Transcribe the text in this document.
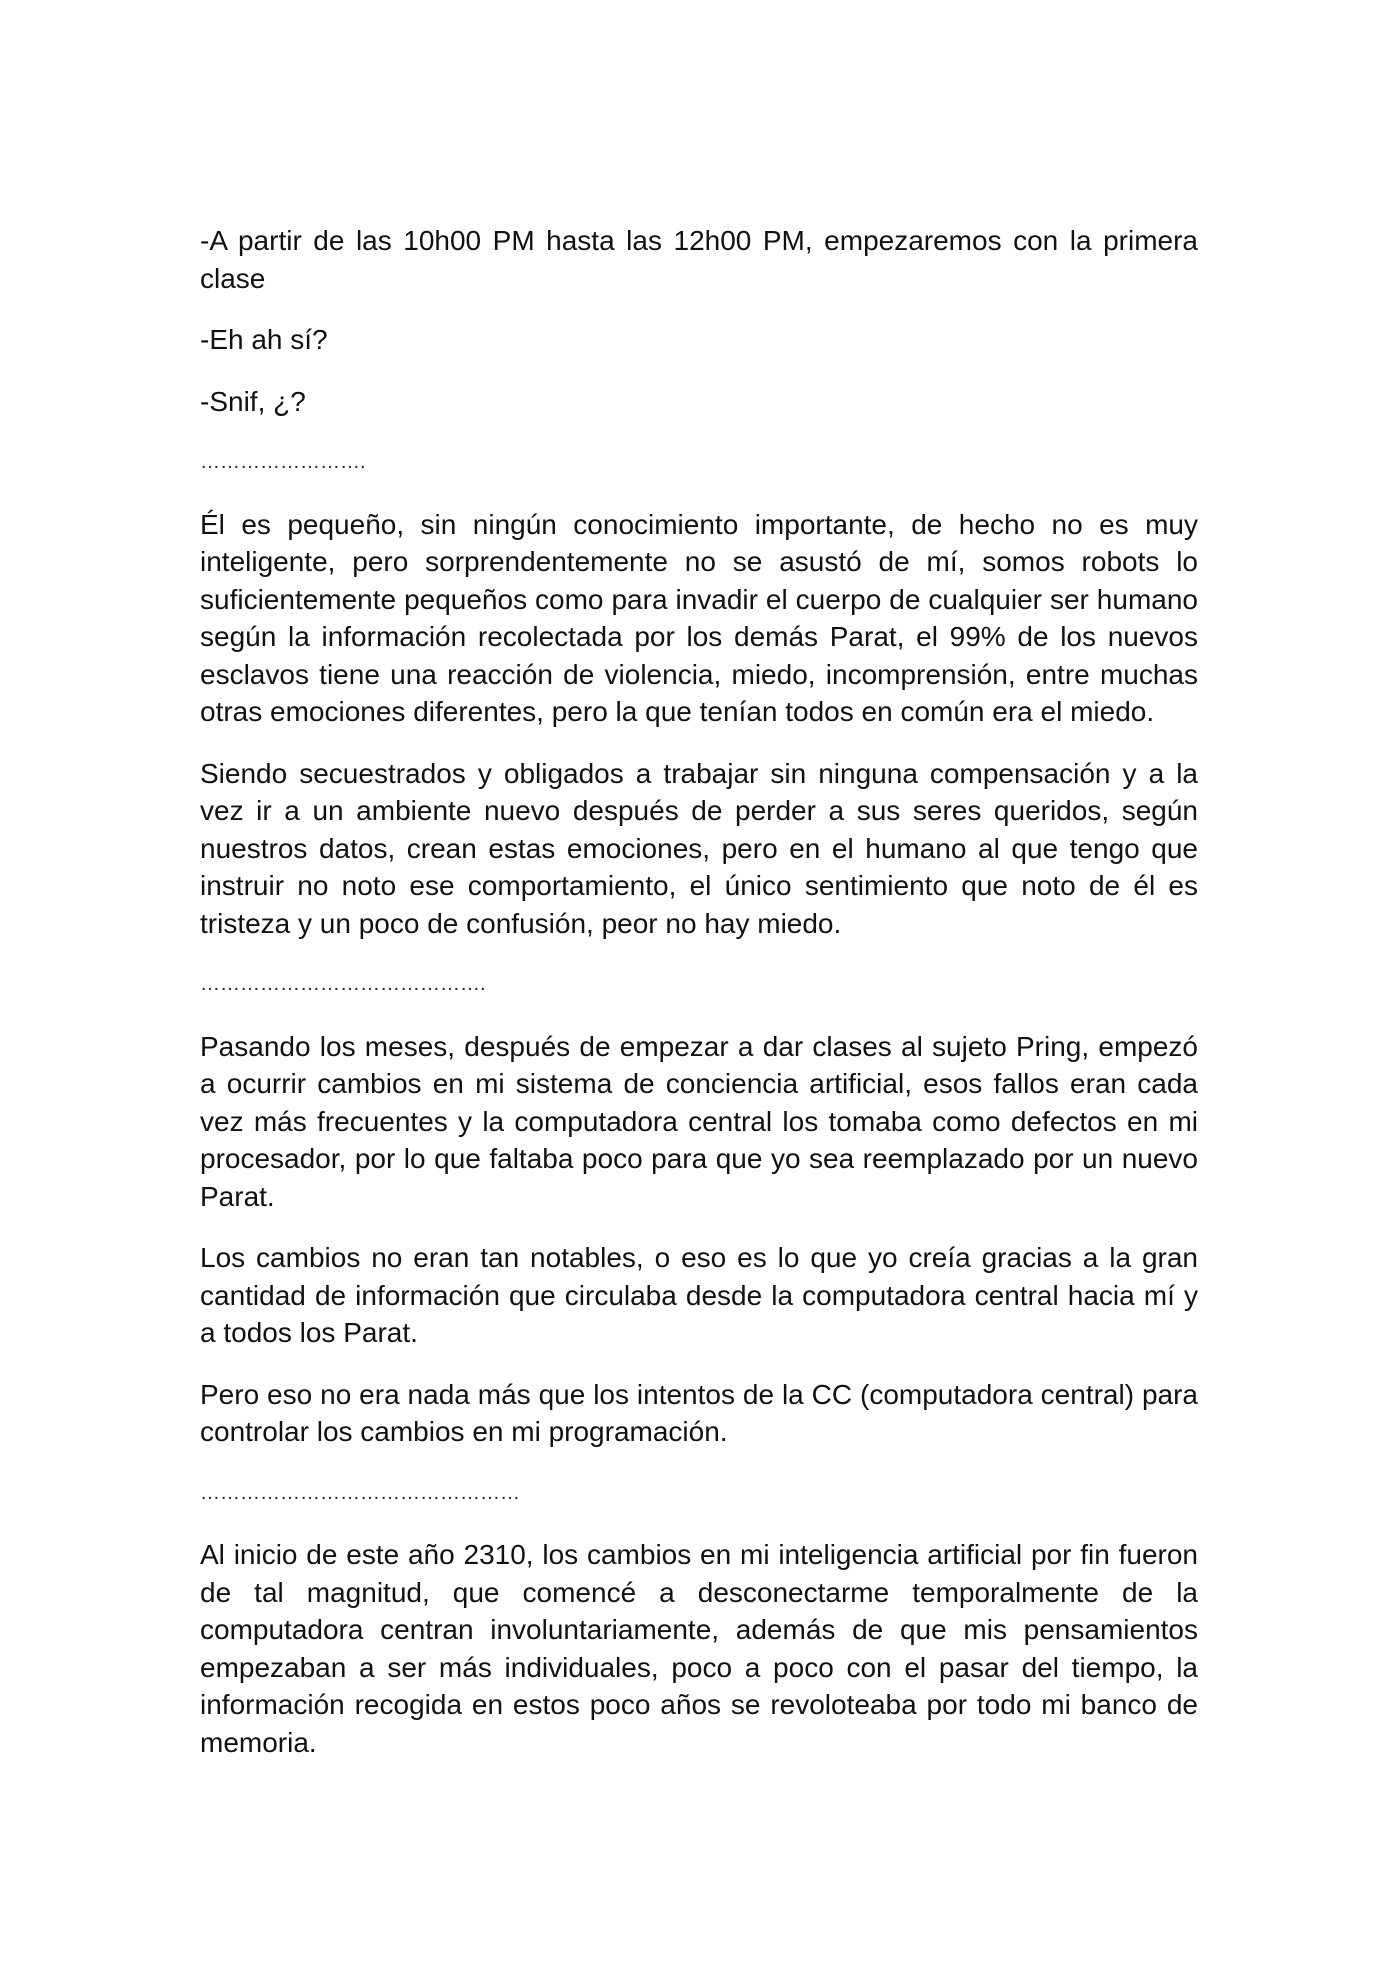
-A partir de las 10h00 PM hasta las 12h00 PM, empezaremos con la primera clase

-Eh ah sí?

-Snif, ¿?

…………………….

Él es pequeño, sin ningún conocimiento importante, de hecho no es muy inteligente, pero sorprendentemente no se asustó de mí, somos robots lo suficientemente pequeños como para invadir el cuerpo de cualquier ser humano según la información recolectada por los demás Parat, el 99% de los nuevos esclavos tiene una reacción de violencia, miedo, incomprensión, entre muchas otras emociones diferentes, pero la que tenían todos en común era el miedo.

Siendo secuestrados y obligados a trabajar sin ninguna compensación y a la vez ir a un ambiente nuevo después de perder a sus seres queridos, según nuestros datos, crean estas emociones, pero en el humano al que tengo que instruir no noto ese comportamiento, el único sentimiento que noto de él es tristeza y un poco de confusión, peor no hay miedo.

…………………………………….

Pasando los meses, después de empezar a dar clases al sujeto Pring, empezó a ocurrir cambios en mi sistema de conciencia artificial, esos fallos eran cada vez más frecuentes y la computadora central los tomaba como defectos en mi procesador, por lo que faltaba poco para que yo sea reemplazado por un nuevo Parat.

Los cambios no eran tan notables, o eso es lo que yo creía gracias a la gran cantidad de información que circulaba desde la computadora central hacia mí y a todos los Parat.

Pero eso no era nada más que los intentos de la CC (computadora central) para controlar los cambios en mi programación.

…………………………………………

Al inicio de este año 2310, los cambios en mi inteligencia artificial por fin fueron de tal magnitud, que comencé a desconectarme temporalmente de la computadora centran involuntariamente, además de que mis pensamientos empezaban a ser más individuales, poco a poco con el pasar del tiempo, la información recogida en estos poco años se revoloteaba por todo mi banco de memoria.
